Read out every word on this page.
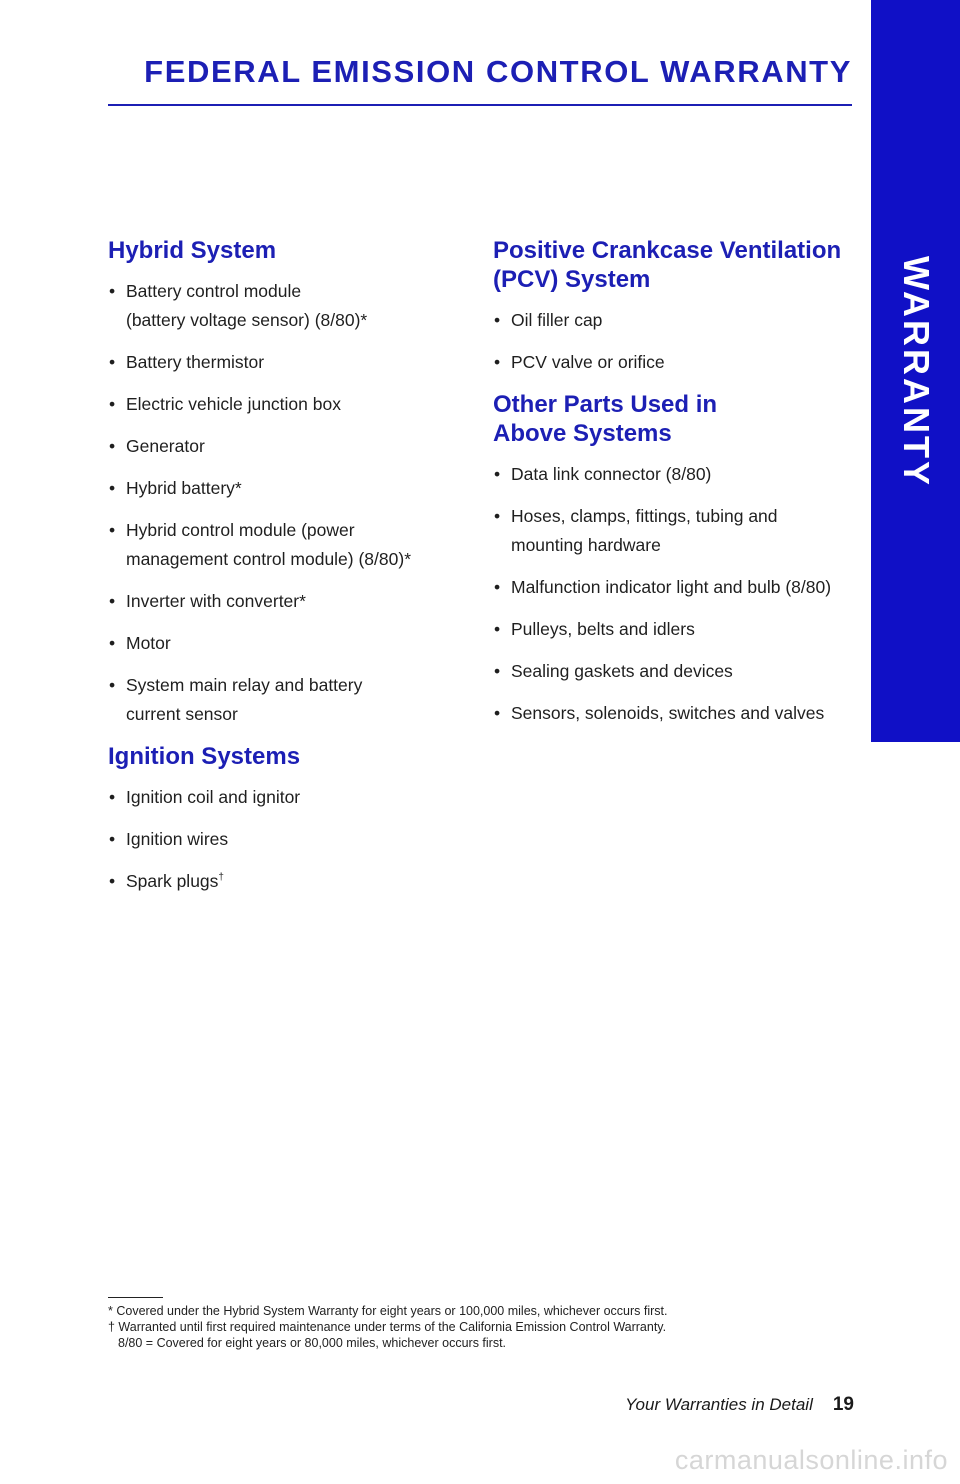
FEDERAL EMISSION CONTROL WARRANTY
WARRANTY
Hybrid System
• Battery control module
(battery voltage sensor) (8/80)*
• Battery thermistor
• Electric vehicle junction box
• Generator
• Hybrid battery*
• Hybrid control module (power
management control module) (8/80)*
• Inverter with converter*
• Motor
• System main relay and battery
current sensor
Ignition Systems
• Ignition coil and ignitor
• Ignition wires
• Spark plugs†
Positive Crankcase Ventilation
(PCV) System
• Oil filler cap
• PCV valve or orifice
Other Parts Used in
Above Systems
• Data link connector (8/80)
• Hoses, clamps, fittings, tubing and
mounting hardware
• Malfunction indicator light and bulb (8/80)
• Pulleys, belts and idlers
• Sealing gaskets and devices
• Sensors, solenoids, switches and valves
* Covered under the Hybrid System Warranty for eight years or 100,000 miles, whichever occurs first.
† Warranted until first required maintenance under terms of the California Emission Control Warranty.
8/80 = Covered for eight years or 80,000 miles, whichever occurs first.
Your Warranties in Detail 19
carmanualsonline.info
